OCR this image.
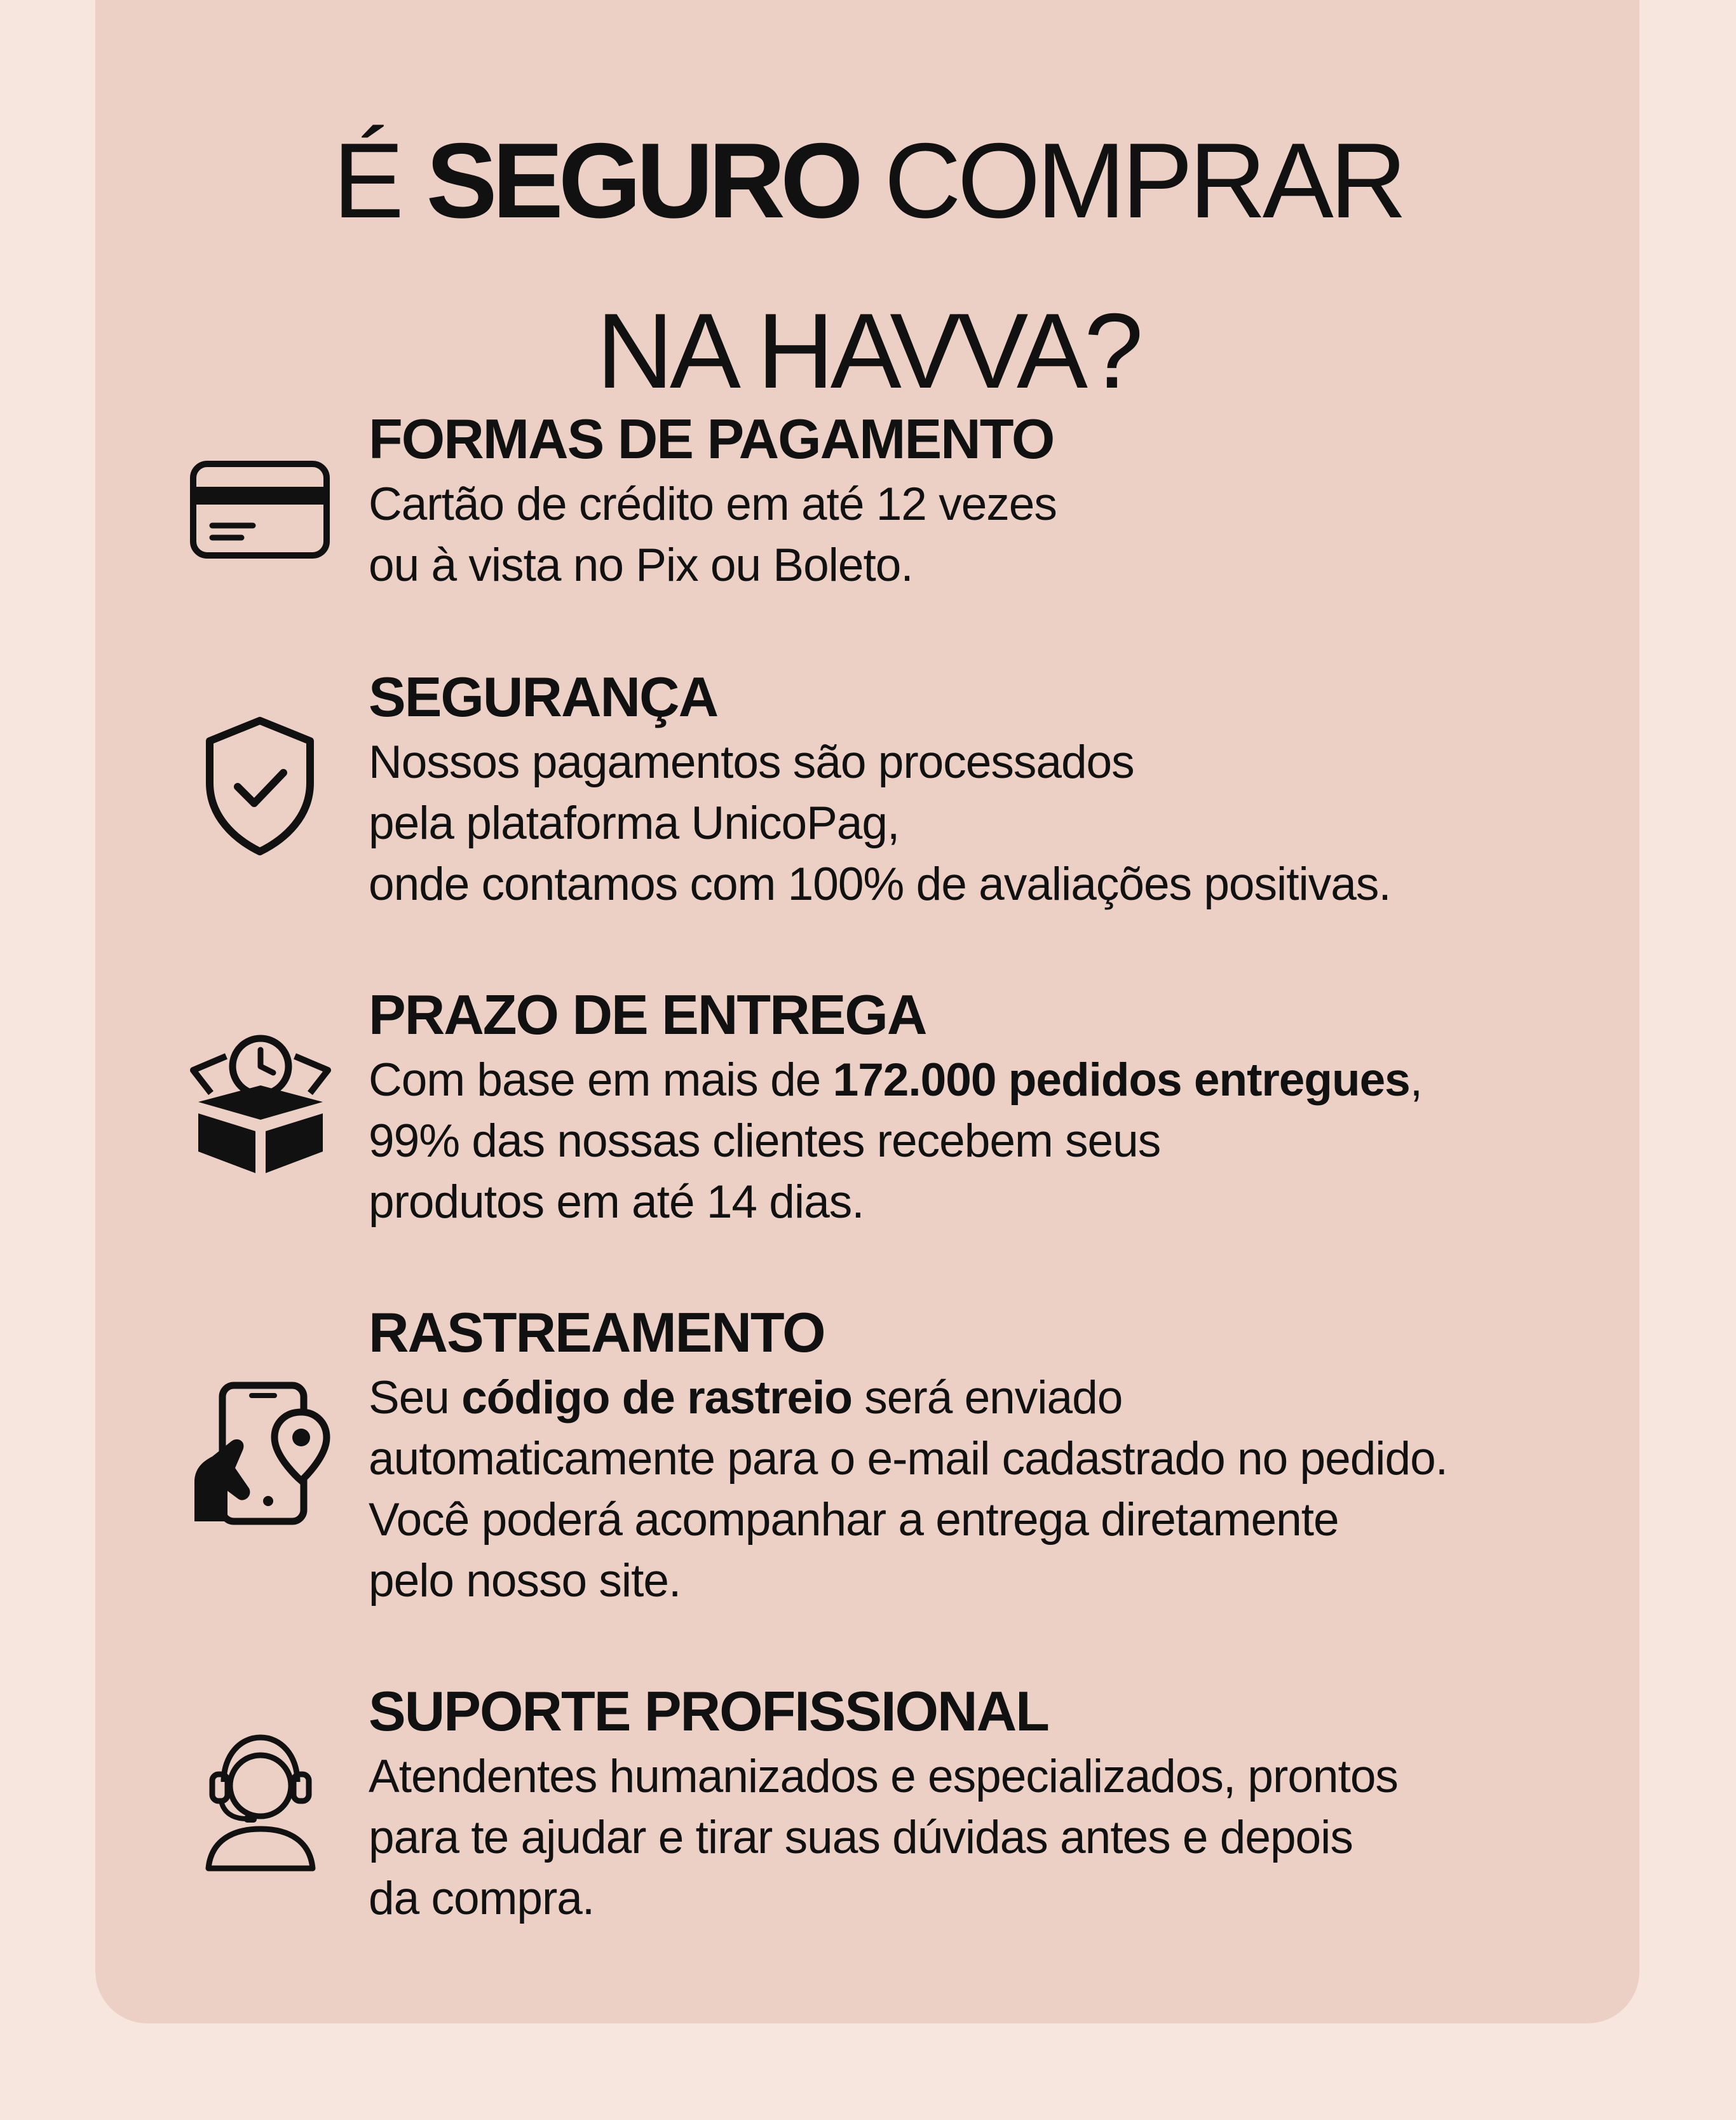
É SEGURO COMPRAR
NA HAVVA?
FORMAS DE PAGAMENTO
Cartão de crédito em até 12 vezes
ou à vista no Pix ou Boleto.
SEGURANÇA
Nossos pagamentos são processados
pela plataforma UnicoPag,
onde contamos com 100% de avaliações positivas.
PRAZO DE ENTREGA
Com base em mais de 172.000 pedidos entregues,
99% das nossas clientes recebem seus
produtos em até 14 dias.
RASTREAMENTO
Seu código de rastreio será enviado
automaticamente para o e-mail cadastrado no pedido.
Você poderá acompanhar a entrega diretamente
pelo nosso site.
SUPORTE PROFISSIONAL
Atendentes humanizados e especializados, prontos
para te ajudar e tirar suas dúvidas antes e depois
da compra.
